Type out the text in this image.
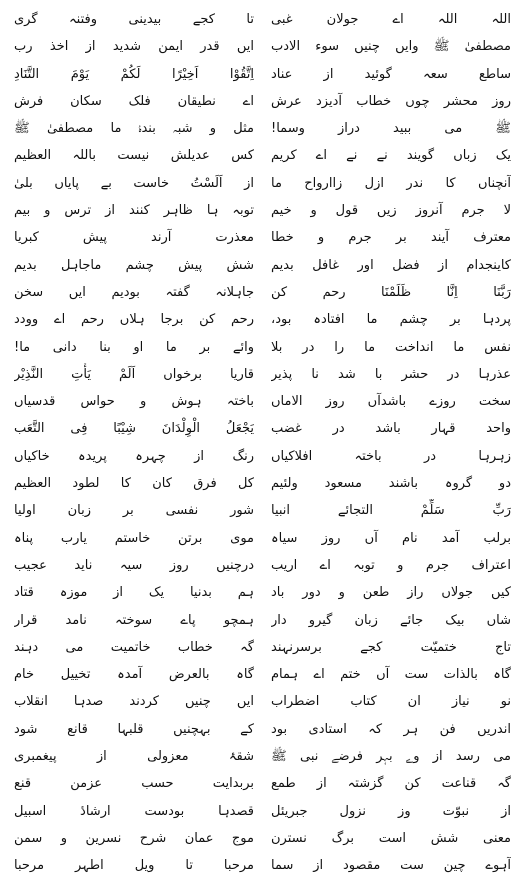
اللہ اللہ اے جولان غبی
تا کجے بیدینی وفتنہ گری
مصطفیٰ ﷺ وایں چنیں سوء الادب
ایں قدر ایمن شدید از اخذ رب
ساطع سعہ گوئید از عناد
اِتَّقُوْا اَخِيْرًا لَكُمْ يَوْمَ التَّنَادِ
روز محشر چوں خطاب آدیزد عرش
اے نطیقان فلک سکان فرش
ﷺ می ببید دراز وسما!
مثل و شبہ بندۂ ما مصطفیٰ ﷺ
یک زباں گویند نے نے اے کریم
کس عدیلش نیست باللہ العظیم
آنچناں کا ندر ازل زاارواح ما
از اَلَسْتُ خاست بے پایاں بلیٰ
لا جرم آنروز زیں قول و خیم
توبہ ہا ظاہر کنند از ترس و بیم
معترف آیند بر جرم و خطا
معذرت آرند پیش کبریا
کاینجدام از فضل اور غافل بدیم
شش پیش چشم ماجاہل بدیم
رَبَّنَا اِنَّا ظَلَمْنَا رحم کن
جاہلانہ گفتہ بودیم ایں سخن
پردہا بر چشم ما افتادہ بود،
رحم کن برجا ہلاں رحم اے وودد
نفس ما انداخت ما را در بلا
وائے بر ما او بنا دانی ما!
عذرہا در حشر با شد نا پذیر
قاریا برخواں اَلَمْ يَأْتِ النَّذِيْر
سخت روزے باشدآں روز الاماں
باختہ ہوش و حواس قدسیاں
واحد قہار باشد در غضب
يَجْعَلُ الْوِلْدَانَ شِيْبًا فِى التَّعَب
زہرہا در باختہ افلاکیاں
رنگ از چہرہ پریدہ خاکیاں
دو گروہ باشند مسعود ولئیم
کل فرق کان کا لطود العظیم
رَبِّ سَلِّمْ التجائے انبیا
شور نفسی بر زبان اولیا
برلب آمد نام آں روز سیاہ
موی برتن خاستم یارب پناہ
اعتراف جرم و توبہ اے اریب
درچنیں روز سیہ ناید عجیب
کیں جولاں راز طعن و دور باد
ہم بدنیا یک از موزہ قتاد
شاں بیک جائے زبان گیرو دار
ہمچو پاے سوختہ نامد قرار
تاج ختمیّت کجے برسرنہند
گہ خطاب خاتمیت می دہند
گاہ بالذات ست آں ختم اے ہمام
گاہ بالعرض آمدہ تخییل خام
نو نیاز ان کتاب اضطراب
ایں چنیں کردند صدہا انقلاب
اندریں فن ہر کہ استادی بود
کے بہچنیں قلبہا قانع شود
می رسد از وے بہر فرضے نبی ﷺ
شقۂ معزولی از پیغمبری
گہ قناعت کن گزشتہ از طمع
بربدایت حسب عزمن قنع
از نبوّت وز نزول جبریئل
قصدہا بودست ارشادٔ اسبیل
معنی شش است برگ نسترن
موج عمان شرح نسرین و سمن
آہوے چین ست مقصود از سما
مرحبا تا ویل اطہر مرحبا
